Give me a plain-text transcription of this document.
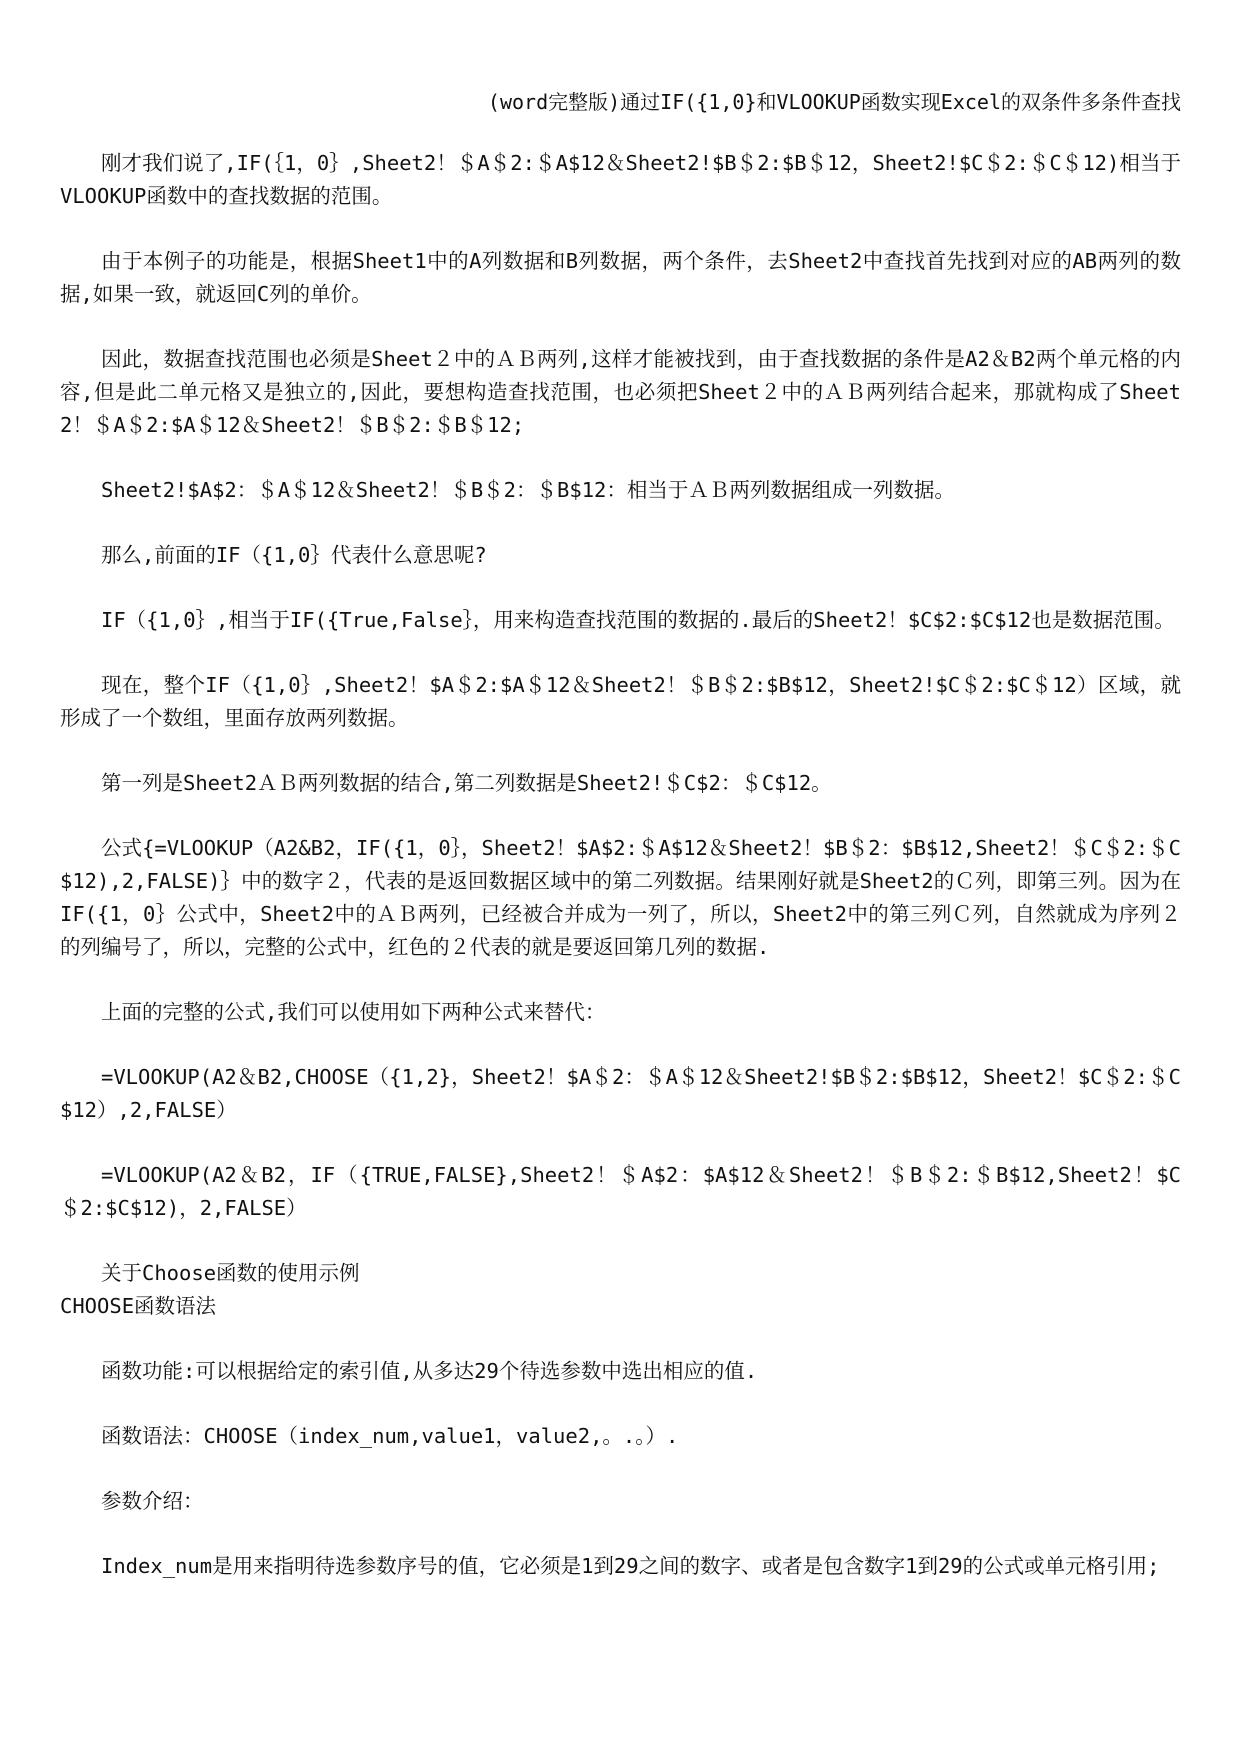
(word完整版)通过IF({1,0}和VLOOKUP函数实现Excel的双条件多条件查找

刚才我们说了,IF(｛1，0｝,Sheet2！＄A＄2:＄A$12＆Sheet2!$B＄2:$B＄12，Sheet2!$C＄2:＄C＄12)相当于VLOOKUP函数中的查找数据的范围。

由于本例子的功能是，根据Sheet1中的A列数据和B列数据，两个条件，去Sheet2中查找首先找到对应的AB两列的数据,如果一致，就返回C列的单价。

因此，数据查找范围也必须是Sheet２中的ＡＢ两列,这样才能被找到，由于查找数据的条件是A2＆B2两个单元格的内容,但是此二单元格又是独立的,因此，要想构造查找范围，也必须把Sheet２中的ＡＢ两列结合起来，那就构成了Sheet2！＄A＄2:$A＄12＆Sheet2！＄B＄2:＄B＄12;

Sheet2!$A$2：＄A＄12＆Sheet2！＄B＄2：＄B$12：相当于ＡＢ两列数据组成一列数据。

那么,前面的IF（{1,0｝代表什么意思呢?

IF（{1,0｝,相当于IF({True,False｝，用来构造查找范围的数据的.最后的Sheet2！$C$2:$C$12也是数据范围。

现在，整个IF（{1,0｝,Sheet2！$A＄2:$A＄12＆Sheet2！＄B＄2:$B$12，Sheet2!$C＄2:$C＄12）区域，就形成了一个数组，里面存放两列数据。

第一列是Sheet2ＡＢ两列数据的结合,第二列数据是Sheet2!＄C$2：＄C$12。

公式{=VLOOKUP（A2&B2，IF({1，0｝，Sheet2！$A$2:＄A$12＆Sheet2！$B＄2：$B$12,Sheet2！＄C＄2:＄C$12),2,FALSE)｝中的数字２，代表的是返回数据区域中的第二列数据。结果刚好就是Sheet2的Ｃ列，即第三列。因为在IF({1，0｝公式中，Sheet2中的ＡＢ两列，已经被合并成为一列了，所以，Sheet2中的第三列Ｃ列，自然就成为序列２的列编号了，所以，完整的公式中，红色的２代表的就是要返回第几列的数据.

上面的完整的公式,我们可以使用如下两种公式来替代：

=VLOOKUP(A2＆B2,CHOOSE（{1,2}，Sheet2！$A＄2：＄A＄12＆Sheet2!$B＄2:$B$12，Sheet2！$C＄2:＄C$12）,2,FALSE）

=VLOOKUP(A2＆B2，IF（{TRUE,FALSE},Sheet2！＄A$2：$A$12＆Sheet2！＄B＄2:＄B$12,Sheet2！$C＄2:$C$12)，2,FALSE）

关于Choose函数的使用示例

CHOOSE函数语法

函数功能:可以根据给定的索引值,从多达29个待选参数中选出相应的值.

函数语法：CHOOSE（index_num,value1，value2,。.。）.

参数介绍：

Index_num是用来指明待选参数序号的值，它必须是1到29之间的数字、或者是包含数字1到29的公式或单元格引用;
